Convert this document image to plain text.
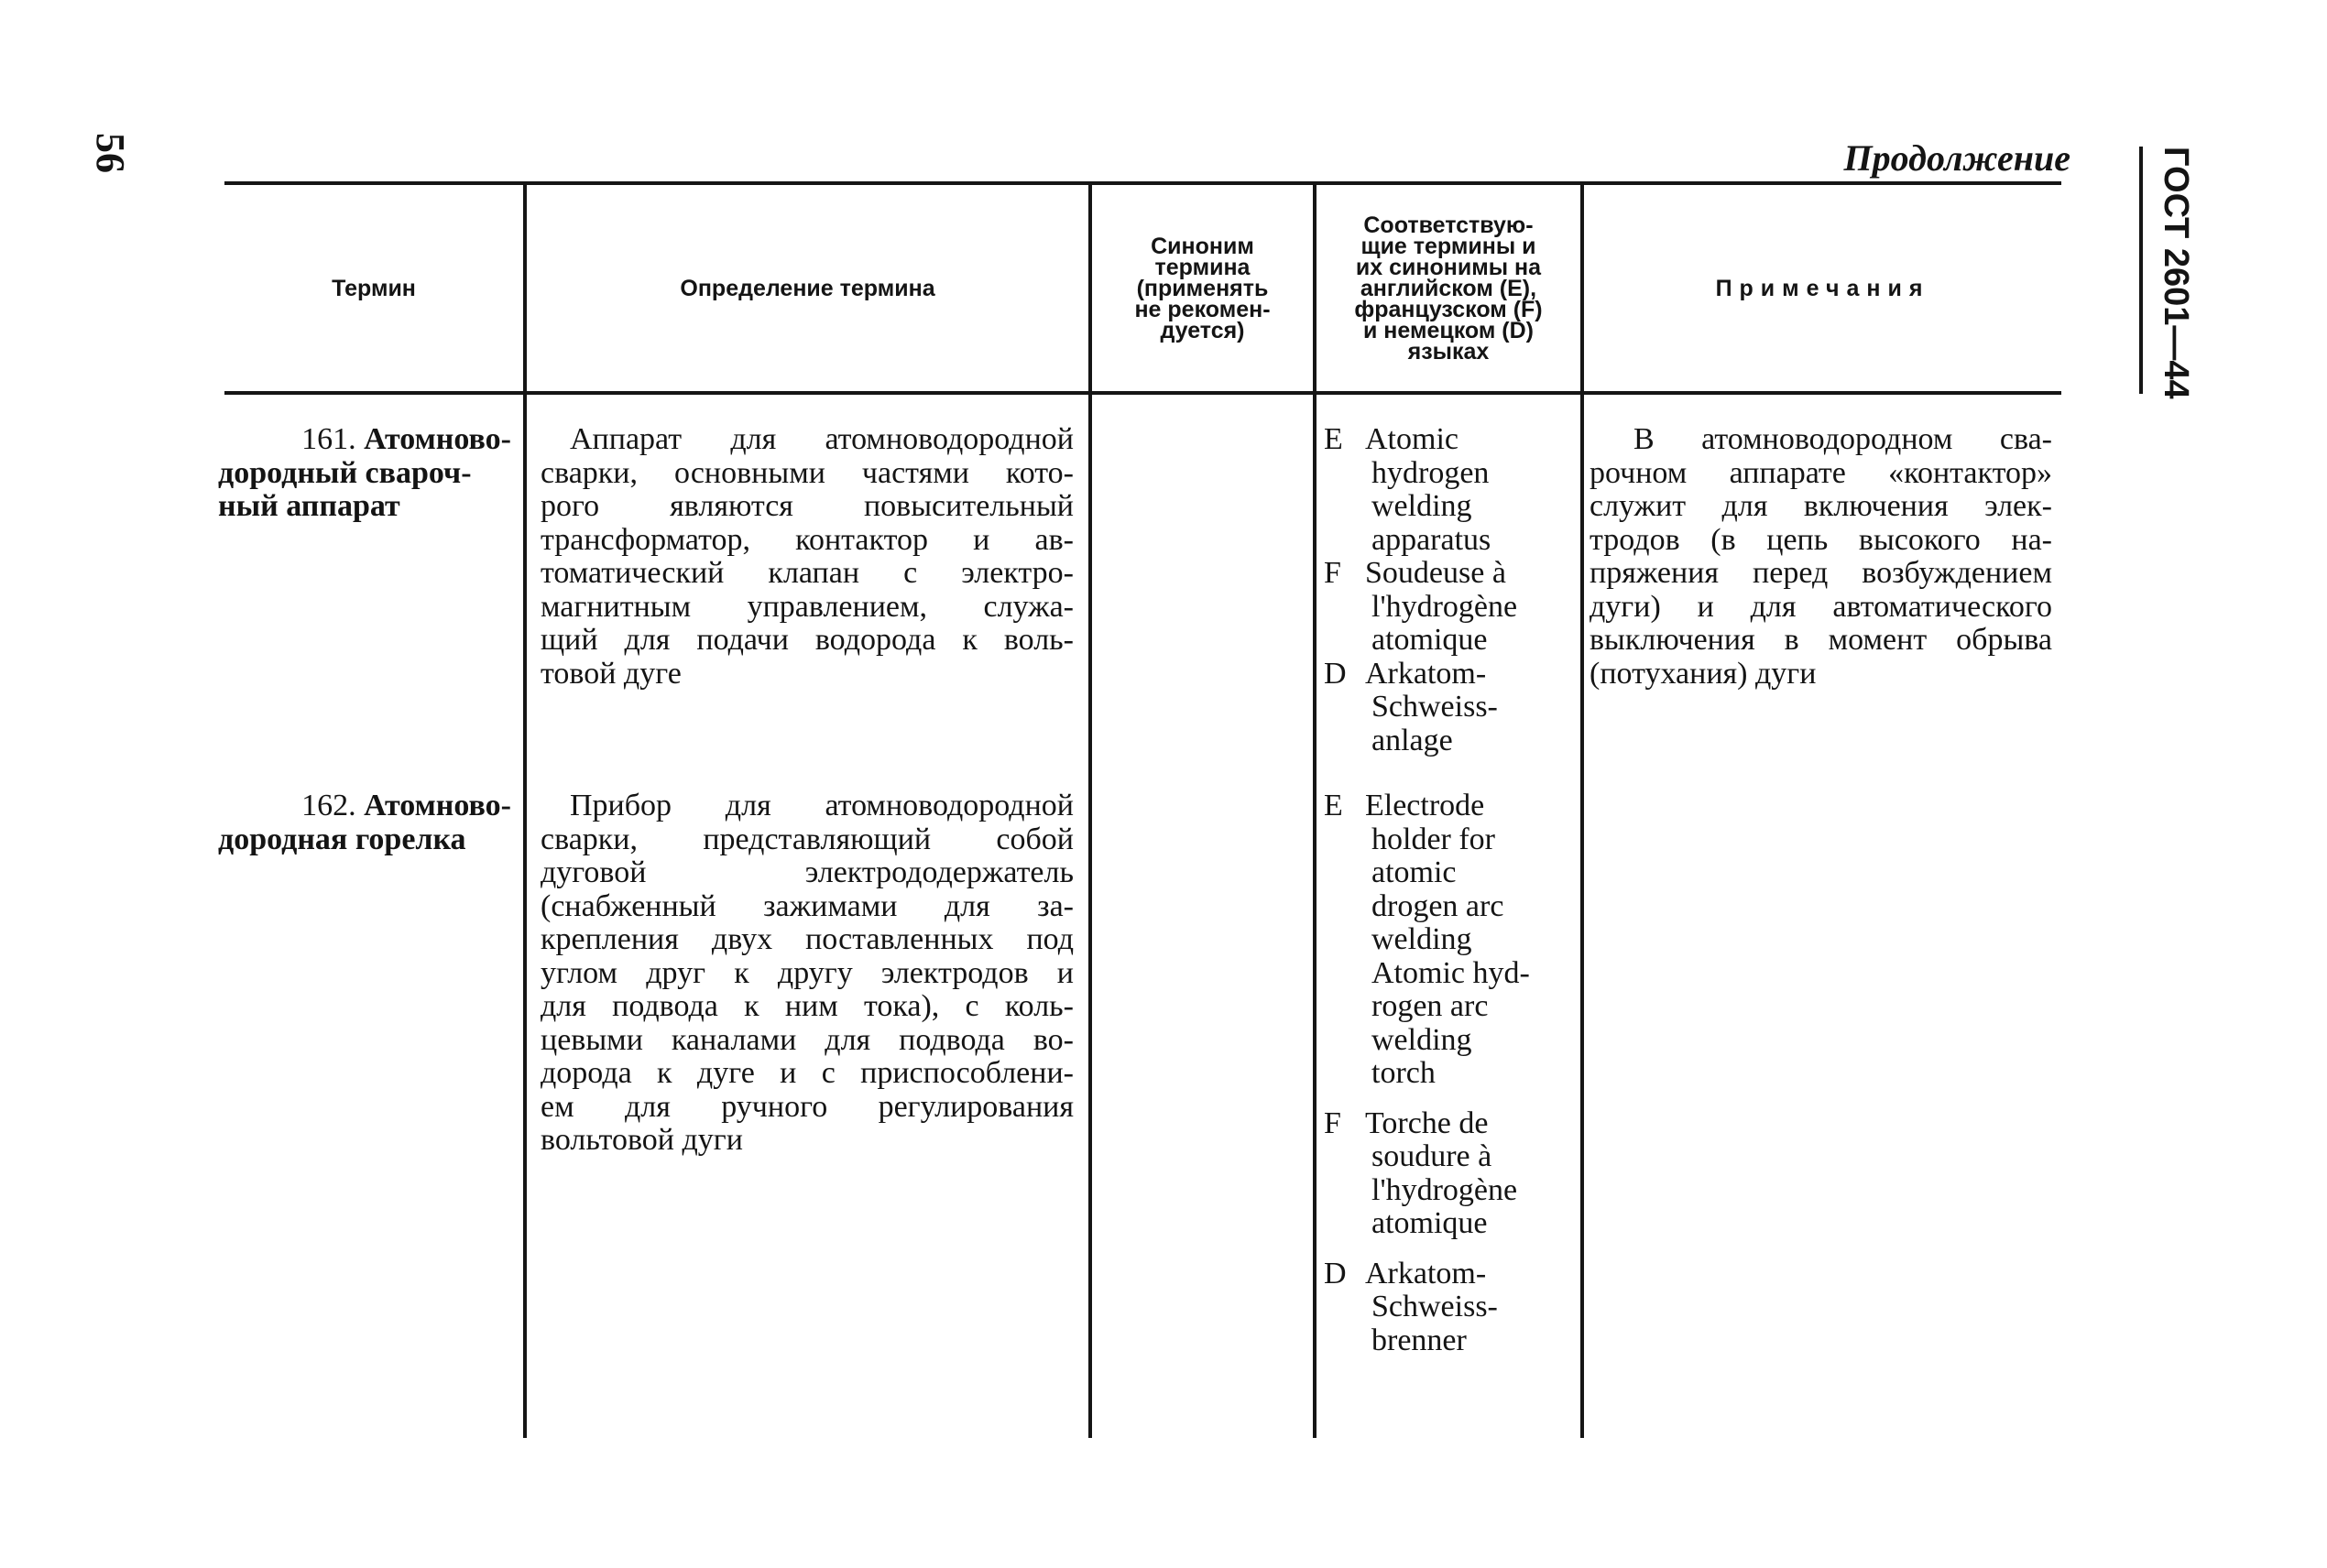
56	Продолжение ГОСТ 2601—44
Термин	Определение термина
Синоним
термина
(применять
не рекомен-
дуется)
Соответствую-
щие термины и
их синонимы на
английском (E),
французском (F)
и немецком (D)
языках
Примечания
161. Атомново-
дородный свароч-
ный аппарат
Аппарат для атомноводородной
сварки, основными частями кото-
рого являются повысительный
трансформатор, контактор и ав-
томатический клапан с электро-
магнитным управлением, служа-
щий для подачи водорода к воль-
товой дуге
E Atomic
hydrogen
welding
apparatus
F Soudeuse à
l'hydrogène
atomique
D Arkatom-
Schweiss-
anlage
В атомноводородном сва-
рочном аппарате «контактор»
служит для включения элек-
тродов (в цепь высокого на-
пряжения перед возбуждением
дуги) и для автоматического
выключения в момент обрыва
(потухания) дуги
162. Атомново-
дородная горелка
Прибор для атомноводородной
сварки, представляющий собой
дуговой электрододержатель
(снабженный зажимами для за-
крепления двух поставленных под
углом друг к другу электродов и
для подвода к ним тока), с коль-
цевыми каналами для подвода во-
дорода к дуге и с приспособлени-
ем для ручного регулирования
вольтовой дуги
E Electrode
holder for
atomic
drogen arc
welding
Atomic hyd-
rogen arc
welding
torch
F Torche de
soudure à
l'hydrogène
atomique
D Arkatom-
Schweiss-
brenner
